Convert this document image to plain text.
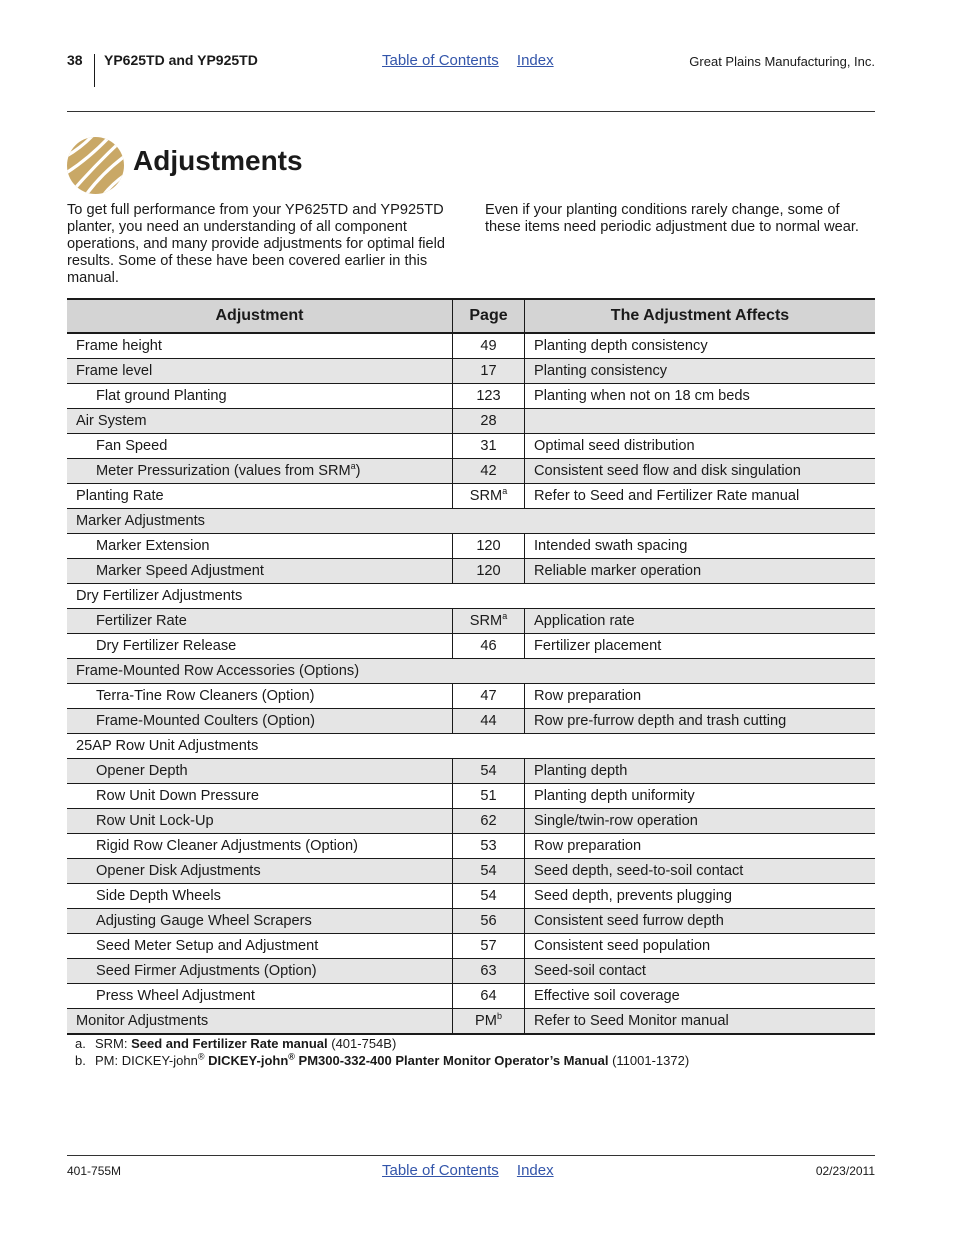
38 YP625TD and YP925TD	Table of Contents Index	Great Plains Manufacturing, Inc.
Adjustments

To get full performance from your YP625TD and YP925TD planter, you need an understanding of all component operations, and many provide adjustments for optimal field results. Some of these have been covered earlier in this manual.

Even if your planting conditions rarely change, some of these items need periodic adjustment due to normal wear.

Adjustment	Page	The Adjustment Affects
Frame height	49	Planting depth consistency
Frame level	17	Planting consistency
Flat ground Planting	123	Planting when not on 18 cm beds
Air System	28	
Fan Speed	31	Optimal seed distribution
Meter Pressurization (values from SRM$^a$)	42	Consistent seed flow and disk singulation
Planting Rate	SRM$^a$	Refer to Seed and Fertilizer Rate manual
Marker Adjustments		
Marker Extension	120	Intended swath spacing
Marker Speed Adjustment	120	Reliable marker operation
Dry Fertilizer Adjustments		
Fertilizer Rate	SRM$^a$	Application rate
Dry Fertilizer Release	46	Fertilizer placement
Frame-Mounted Row Accessories (Options)		
Terra-Tine Row Cleaners (Option)	47	Row preparation
Frame-Mounted Coulters (Option)	44	Row pre-furrow depth and trash cutting
25AP Row Unit Adjustments		
Opener Depth	54	Planting depth
Row Unit Down Pressure	51	Planting depth uniformity
Row Unit Lock-Up	62	Single/twin-row operation
Rigid Row Cleaner Adjustments (Option)	53	Row preparation
Opener Disk Adjustments	54	Seed depth, seed-to-soil contact
Side Depth Wheels	54	Seed depth, prevents plugging
Adjusting Gauge Wheel Scrapers	56	Consistent seed furrow depth
Seed Meter Setup and Adjustment	57	Consistent seed population
Seed Firmer Adjustments (Option)	63	Seed-soil contact
Press Wheel Adjustment	64	Effective soil coverage
Monitor Adjustments	$PM^b$	Refer to Seed Monitor manual
a. SRM: Seed and Fertilizer Rate manual (401-754B)
b. PM: DICKEY-john® DICKEY-john® PM300-332-400 Planter Monitor Operator’s Manual (11001-1372)
401-755M	Table of Contents Index	02/23/2011
